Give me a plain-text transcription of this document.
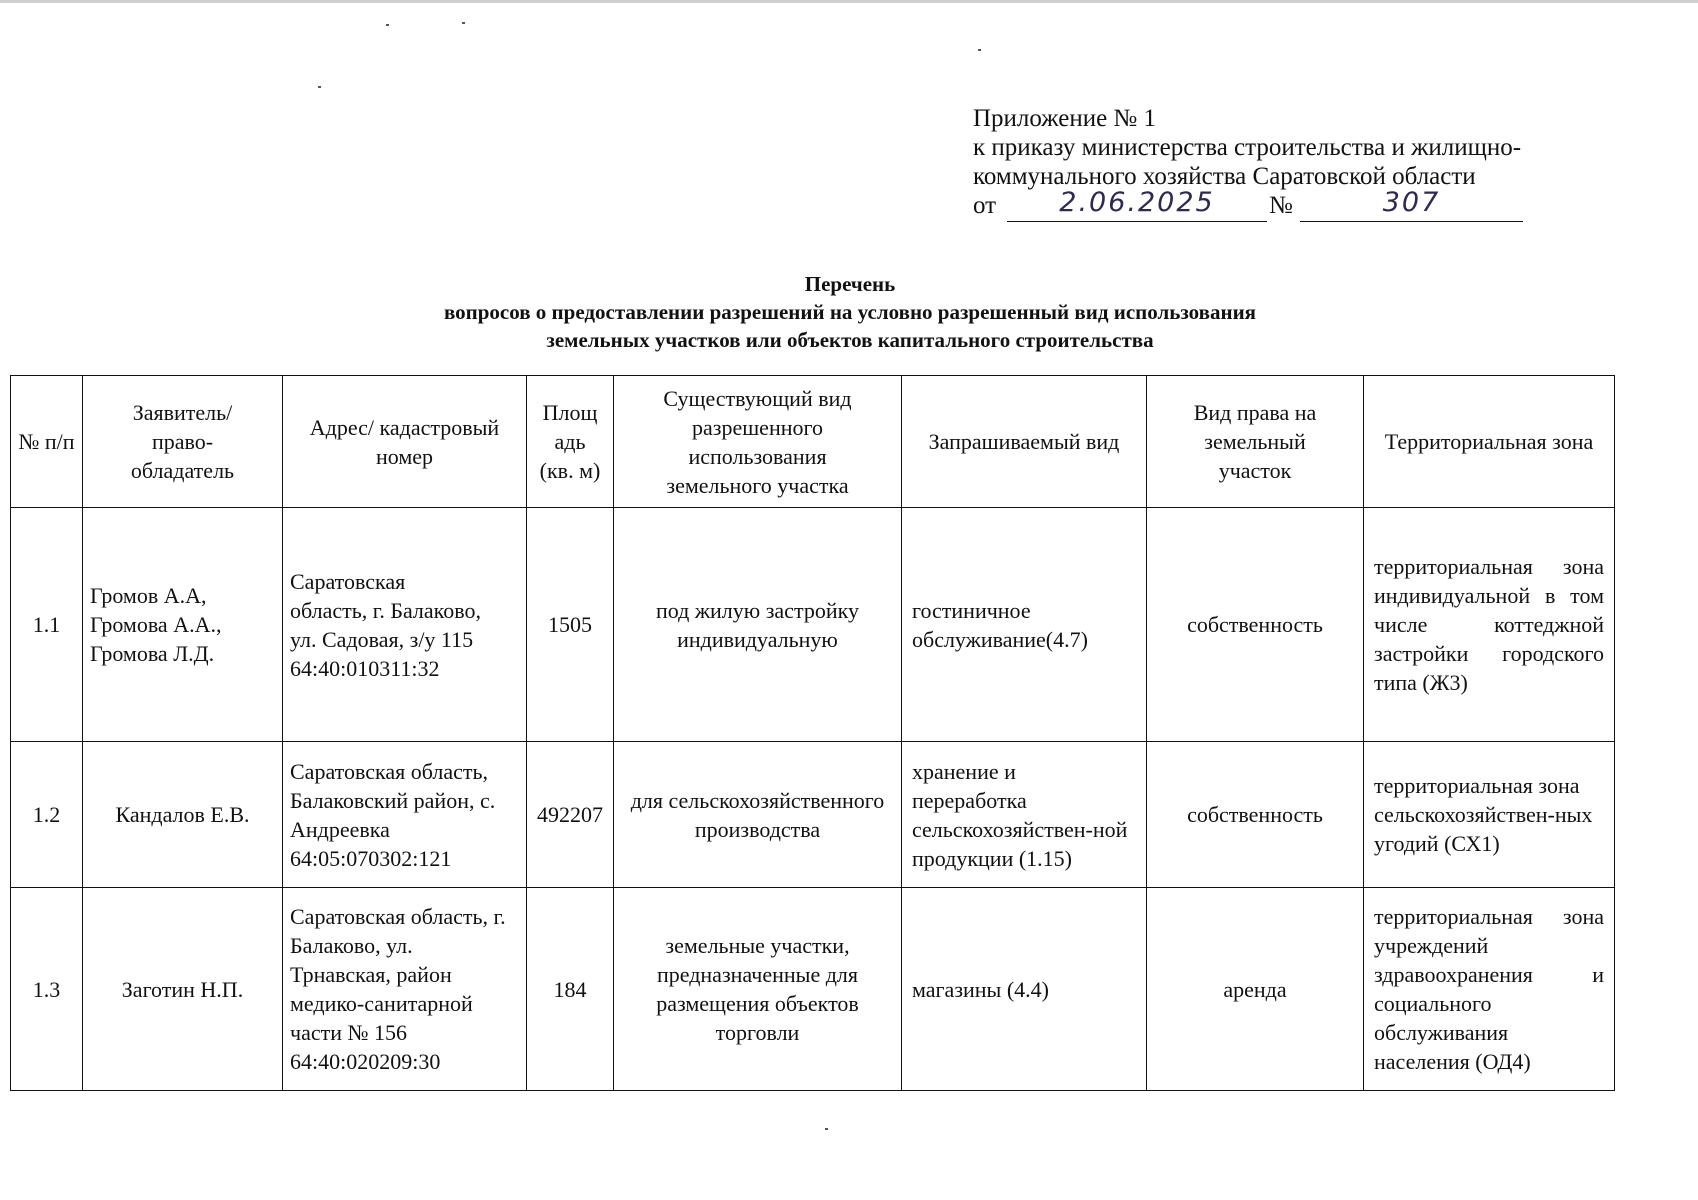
Приложение № 1
к приказу министерства строительства и жилищно-
коммунального хозяйства Саратовской области
от	2.06.2025	№	307
Перечень
вопросов о предоставлении разрешений на условно разрешенный вид использования
земельных участков или объектов капитального строительства
№ п/п	Заявитель/ право-обладатель	Адрес/ кадастровый номер	Площ адь (кв. м)	Существующий вид разрешенного использования земельного участка	Запрашиваемый вид	Вид права на земельный участок	Территориальная зона
1.1	Громов А.А,
Громова А.А.,
Громова Л.Д.	Саратовская область, г. Балаково, ул. Садовая, з/у 115 64:40:010311:32	1505	под жилую застройку индивидуальную	гостиничное обслуживание(4.7)	собственность	территориальная зона индивидуальной в том числе коттеджной застройки городского типа (Ж3)
1.2	Кандалов Е.В.	Саратовская область, Балаковский район, с. Андреевка 64:05:070302:121	492207	для сельскохозяйственного производства	хранение и переработка сельскохозяйствен-ной продукции (1.15)	собственность	территориальная зона сельскохозяйствен-ных угодий (СХ1)
1.3	Заготин Н.П.	Саратовская область, г. Балаково, ул. Трнавская, район медико-санитарной части № 156 64:40:020209:30	184	земельные участки, предназначенные для размещения объектов торговли	магазины (4.4)	аренда	территориальная зона учреждений здравоохранения и социального обслуживания населения (ОД4)
